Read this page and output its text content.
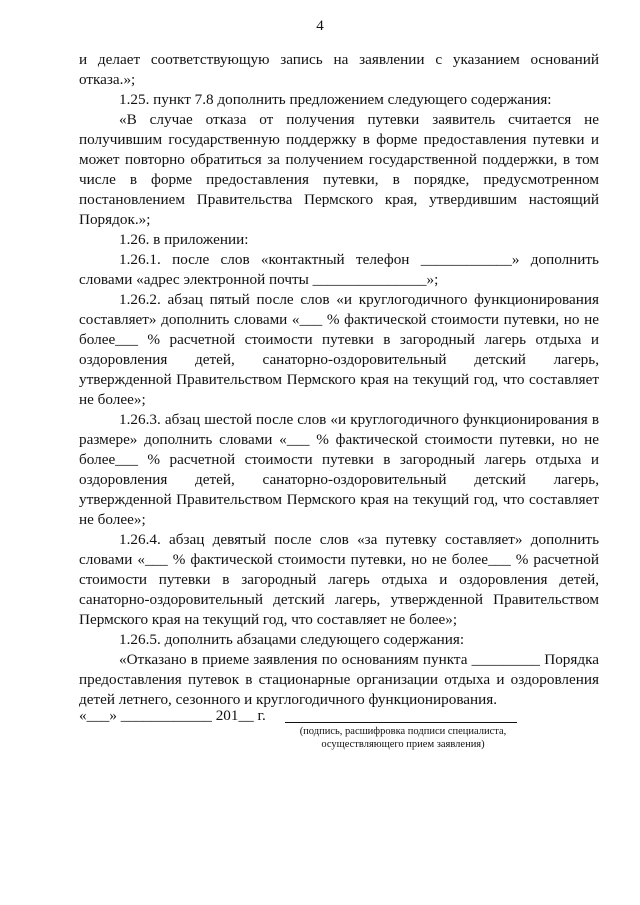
4

и делает соответствующую запись на заявлении с указанием оснований отказа.»;

1.25. пункт 7.8 дополнить предложением следующего содержания:

«В случае отказа от получения путевки заявитель считается не получившим государственную поддержку в форме предоставления путевки и может повторно обратиться за получением государственной поддержки, в том числе в форме предоставления путевки, в порядке, предусмотренном постановлением Правительства Пермского края, утвердившим настоящий Порядок.»;

1.26. в приложении:

1.26.1. после слов «контактный телефон ____________» дополнить словами «адрес электронной почты _______________»;

1.26.2. абзац пятый после слов «и круглогодичного функционирования составляет» дополнить словами «___ % фактической стоимости путевки, но не более___ % расчетной стоимости путевки в загородный лагерь отдыха и оздоровления детей, санаторно-оздоровительный детский лагерь, утвержденной Правительством Пермского края на текущий год, что составляет не более»;

1.26.3. абзац шестой после слов «и круглогодичного функционирования в размере» дополнить словами «___ % фактической стоимости путевки, но не более___ % расчетной стоимости путевки в загородный лагерь отдыха и оздоровления детей, санаторно-оздоровительный детский лагерь, утвержденной Правительством Пермского края на текущий год, что составляет не более»;

1.26.4. абзац девятый после слов «за путевку составляет» дополнить словами «___ % фактической стоимости путевки, но не более___ % расчетной стоимости путевки в загородный лагерь отдыха и оздоровления детей, санаторно-оздоровительный детский лагерь, утвержденной Правительством Пермского края на текущий год, что составляет не более»;

1.26.5. дополнить абзацами следующего содержания:

«Отказано в приеме заявления по основаниям пункта _________ Порядка предоставления путевок в стационарные организации отдыха и оздоровления детей летнего, сезонного и круглогодичного функционирования.

«___» ____________ 201__ г.
(подпись, расшифровка подписи специалиста,
осуществляющего прием заявления)
